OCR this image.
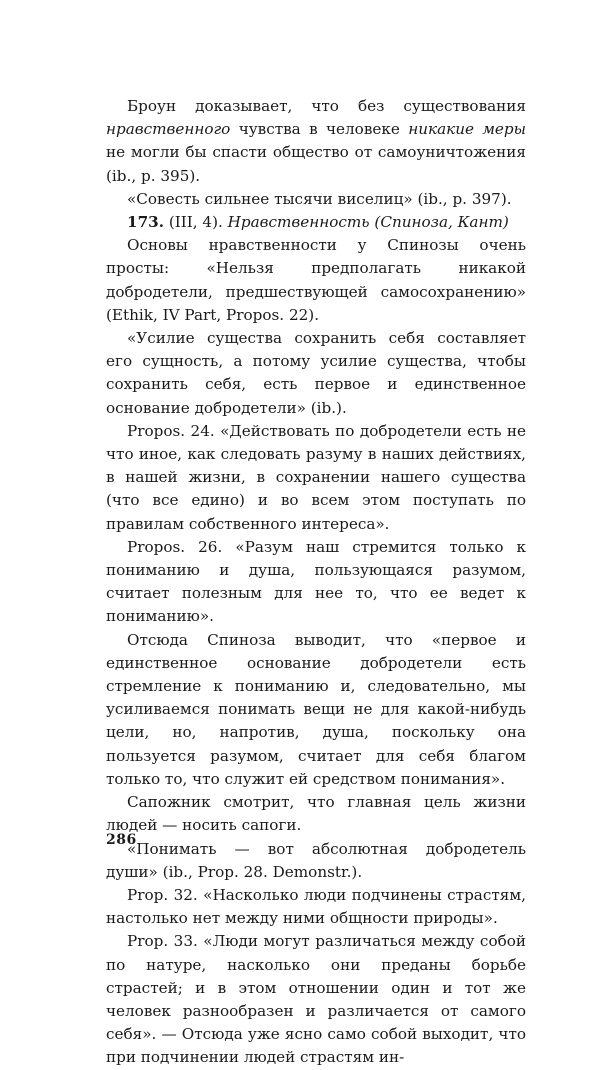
Броун доказывает, что без существования нравственного чувства в человеке никакие меры не могли бы спасти общество от самоуничтожения (ib., p. 395).

«Совесть сильнее тысячи виселиц» (ib., p. 397).

173. (III, 4). Нравственность (Спиноза, Кант)

Основы нравственности у Спинозы очень просты: «Нельзя предполагать никакой добродетели, предшествующей самосохранению» (Ethik, IV Part, Propos. 22).

«Усилие существа сохранить себя составляет его сущность, а потому усилие существа, чтобы сохранить себя, есть первое и единственное основание добродетели» (ib.).

Propos. 24. «Действовать по добродетели есть не что иное, как следовать разуму в наших действиях, в нашей жизни, в сохранении нашего существа (что все едино) и во всем этом поступать по правилам собственного интереса».

Propos. 26. «Разум наш стремится только к пониманию и душа, пользующаяся разумом, считает полезным для нее то, что ее ведет к пониманию».

Отсюда Спиноза выводит, что «первое и единственное основание добродетели есть стремление к пониманию и, следовательно, мы усиливаемся понимать вещи не для какой-нибудь цели, но, напротив, душа, поскольку она пользуется разумом, считает для себя благом только то, что служит ей средством понимания».

Сапожник смотрит, что главная цель жизни людей — носить сапоги.

«Понимать — вот абсолютная добродетель души» (ib., Prop. 28. Demonstr.).

Prop. 32. «Насколько люди подчинены страстям, настолько нет между ними общности природы».

Prop. 33. «Люди могут различаться между собой по натуре, насколько они преданы борьбе страстей; и в этом отношении один и тот же человек разнообразен и различается от самого себя». — Отсюда уже ясно само собой выходит, что при подчинении людей страстям ин-

286
